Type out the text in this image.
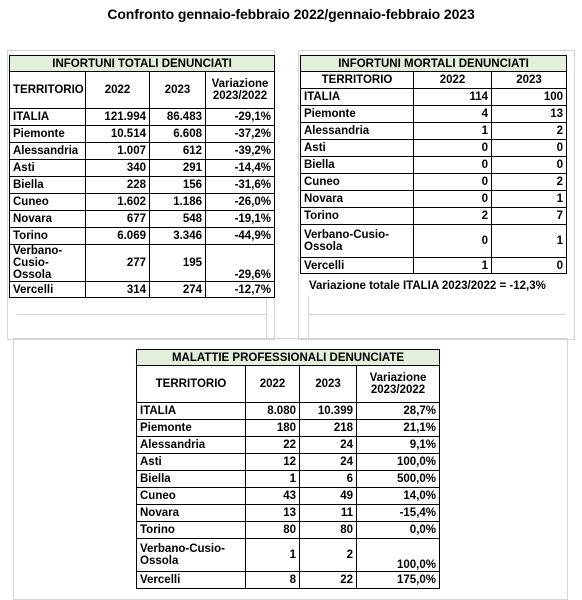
Confronto gennaio-febbraio 2022/gennaio-febbraio 2023
INFORTUNI TOTALI DENUNCIATI			
TERRITORIO	2022	2023	Variazione 2023/2022
ITALIA	121.994	86.483	-29,1%
Piemonte	10.514	6.608	-37,2%
Alessandria	1.007	612	-39,2%
Asti	340	291	-14,4%
Biella	228	156	-31,6%
Cuneo	1.602	1.186	-26,0%
Novara	677	548	-19,1%
Torino	6.069	3.346	-44,9%
Verbano-Cusio-Ossola	277	195	-29,6%
Vercelli	314	274	-12,7%
INFORTUNI MORTALI DENUNCIATI		
TERRITORIO	2022	2023
ITALIA	114	100
Piemonte	4	13
Alessandria	1	2
Asti	0	0
Biella	0	0
Cuneo	0	2
Novara	0	1
Torino	2	7
Verbano-Cusio-Ossola	0	1
Vercelli	1	0
Variazione totale ITALIA 2023/2022 = -12,3%
MALATTIE PROFESSIONALI DENUNCIATE			
TERRITORIO	2022	2023	Variazione 2023/2022
ITALIA	8.080	10.399	28,7%
Piemonte	180	218	21,1%
Alessandria	22	24	9,1%
Asti	12	24	100,0%
Biella	1	6	500,0%
Cuneo	43	49	14,0%
Novara	13	11	-15,4%
Torino	80	80	0,0%
Verbano-Cusio-Ossola	1	2	100,0%
Vercelli	8	22	175,0%
